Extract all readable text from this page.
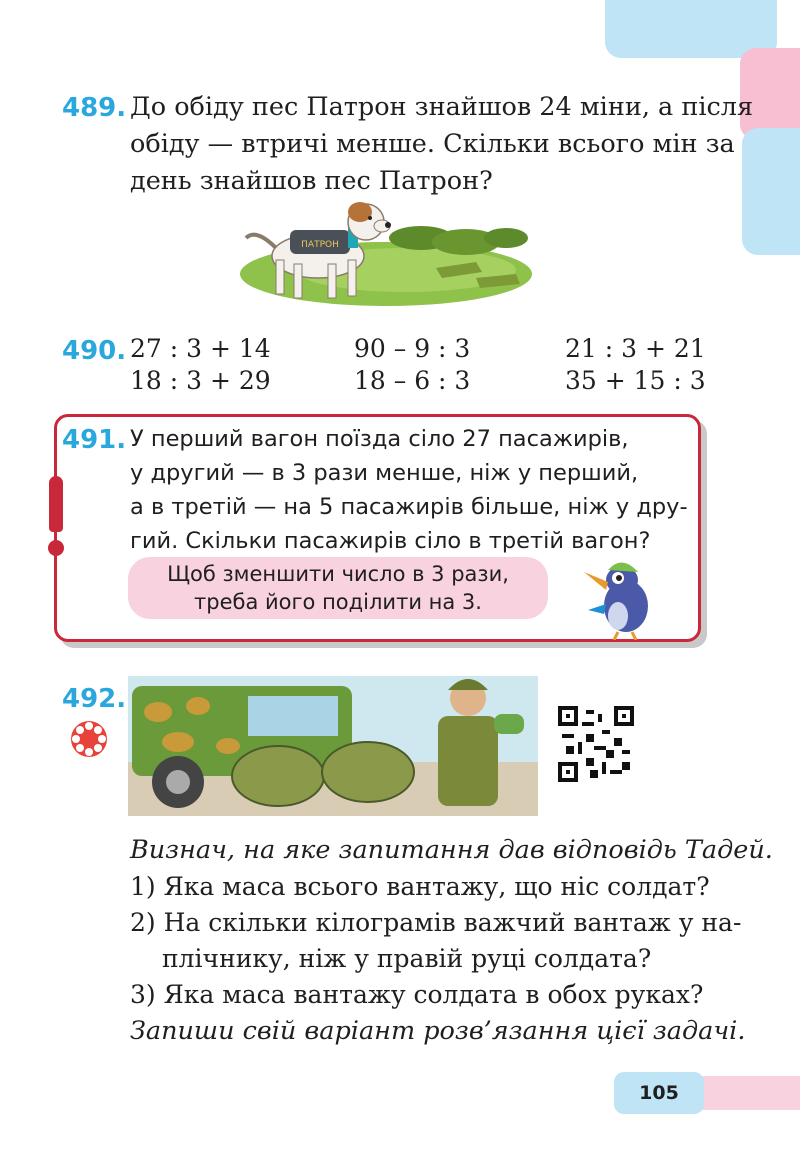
489. До обіду пес Патрон знайшов 24 міни, а після
обіду — втричі менше. Скільки всього мін за
день знайшов пес Патрон?
ПАТРОН
490. 27 : 3 + 14	90 – 9 : 3	21 : 3 + 21
18 : 3 + 29	18 – 6 : 3	35 + 15 : 3
491. У перший вагон поїзда сіло 27 пасажирів,
у другий — в 3 рази менше, ніж у перший,
а в третій — на 5 пасажирів більше, ніж у дру-
гий. Скільки пасажирів сіло в третій вагон?
Щоб зменшити число в 3 рази,
треба його поділити на 3.
492.
Визнач, на яке запитання дав відповідь Тадей.
1) Яка маса всього вантажу, що ніс солдат?
2) На скільки кілограмів важчий вантаж у на-
плічнику, ніж у правій руці солдата?
3) Яка маса вантажу солдата в обох руках?
Запиши свій варіант розв’язання цієї задачі.
105
